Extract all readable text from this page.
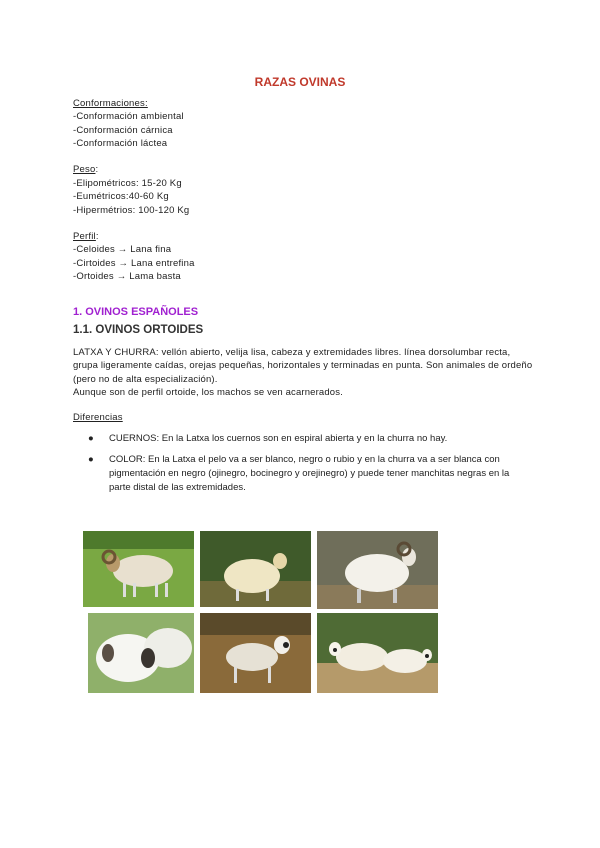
RAZAS OVINAS
Conformaciones:
-Conformación ambiental
-Conformación cárnica
-Conformación láctea
Peso:
-Elipométricos: 15-20 Kg
-Eumétricos:40-60 Kg
-Hipermétrios: 100-120 Kg
Perfil:
-Celoides → Lana fina
-Cirtoides → Lana entrefina
-Ortoides → Lama basta
1. OVINOS ESPAÑOLES
1.1. OVINOS ORTOIDES
LATXA Y CHURRA: vellón abierto, velija lisa, cabeza y extremidades libres. línea dorsolumbar recta, grupa ligeramente caídas, orejas pequeñas, horizontales y terminadas en punta. Son animales de ordeño (pero no de alta especialización).
Aunque son de perfil ortoide, los machos se ven acarnerados.
Diferencias
● CUERNOS: En la Latxa los cuernos son en espiral abierta y en la churra no hay.
● COLOR: En la Latxa el pelo va a ser blanco, negro o rubio y en la churra va a ser blanca con pigmentación en negro (ojinegro, bocinegro y orejinegro) y puede tener manchitas negras en la parte distal de las extremidades.
